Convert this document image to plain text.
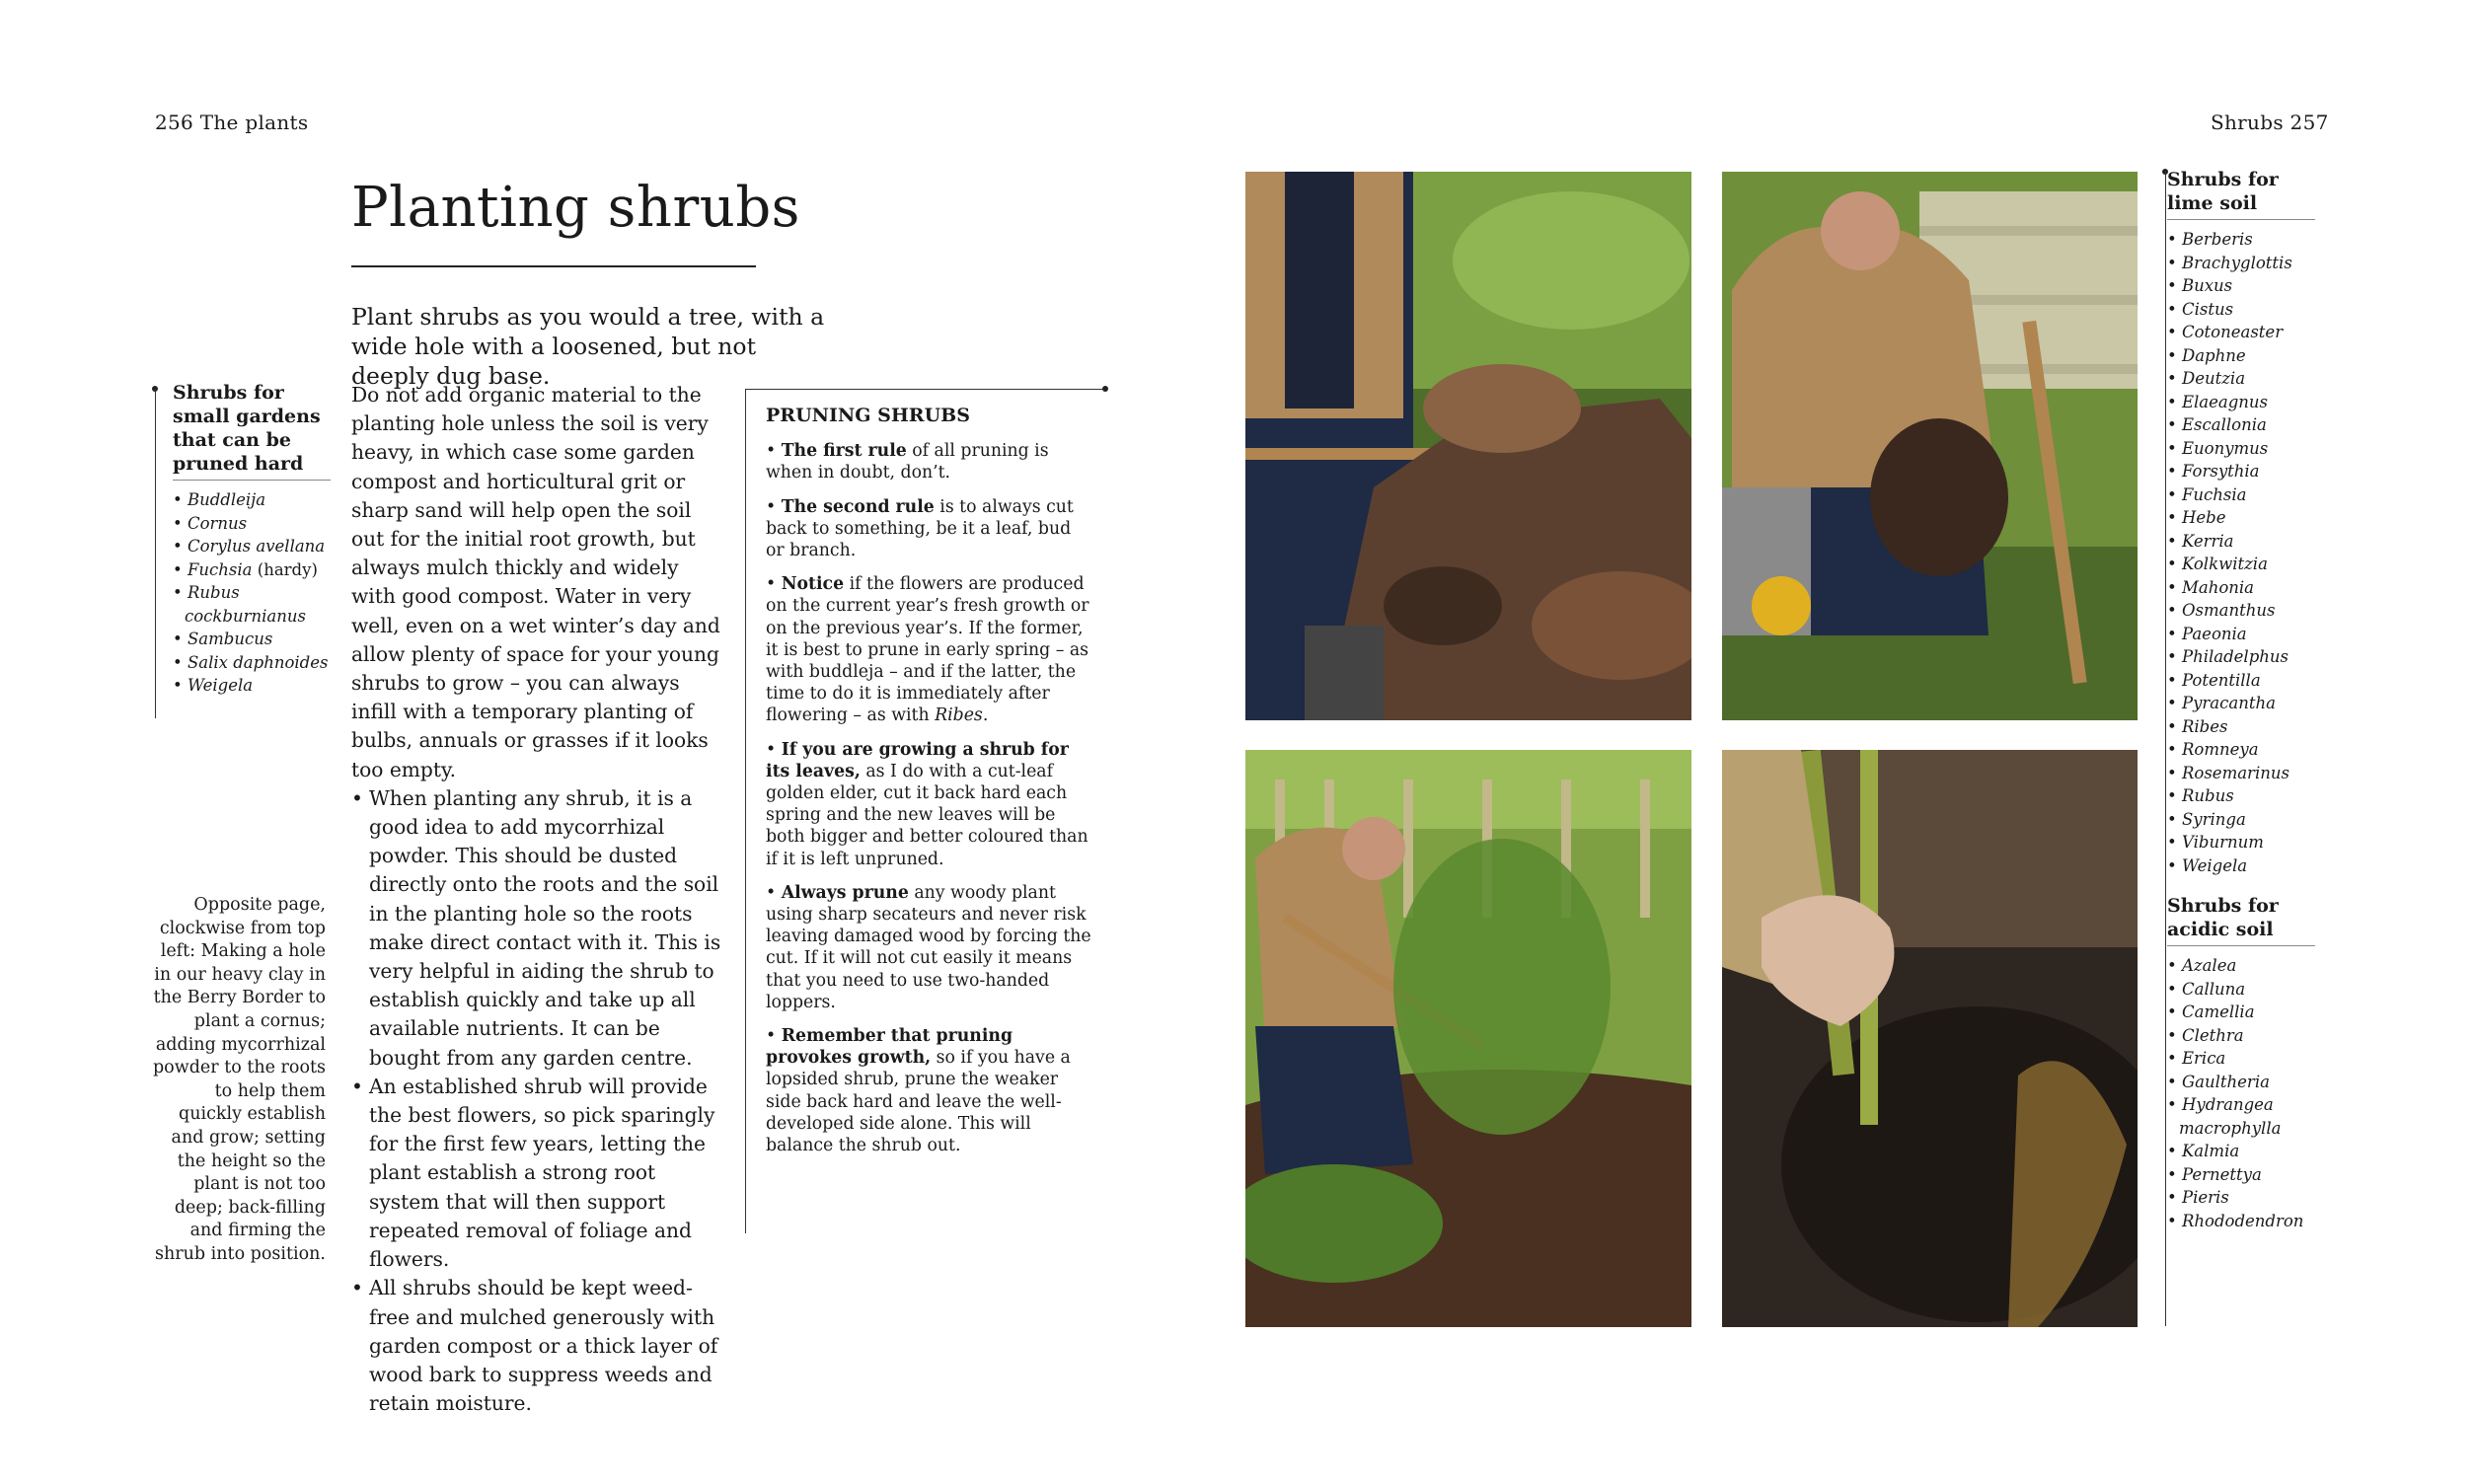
256 The plants	Shrubs 257
Planting shrubs
Plant shrubs as you would a tree, with a wide hole with a loosened, but not deeply dug base.
Shrubs for small gardens that can be pruned hard
• Buddleija
• Cornus
• Corylus avellana
• Fuchsia (hardy)
• Rubus cockburnianus
• Sambucus
• Salix daphnoides
• Weigela
Opposite page, clockwise from top left: Making a hole in our heavy clay in the Berry Border to plant a cornus; adding mycorrhizal powder to the roots to help them quickly establish and grow; setting the height so the plant is not too deep; back-filling and firming the shrub into position.

Do not add organic material to the planting hole unless the soil is very heavy, in which case some garden compost and horticultural grit or sharp sand will help open the soil out for the initial root growth, but always mulch thickly and widely with good compost. Water in very well, even on a wet winter’s day and allow plenty of space for your young shrubs to grow – you can always infill with a temporary planting of bulbs, annuals or grasses if it looks too empty.

• When planting any shrub, it is a good idea to add mycorrhizal powder. This should be dusted directly onto the roots and the soil in the planting hole so the roots make direct contact with it. This is very helpful in aiding the shrub to establish quickly and take up all available nutrients. It can be bought from any garden centre.
• An established shrub will provide the best flowers, so pick sparingly for the first few years, letting the plant establish a strong root system that will then support repeated removal of foliage and flowers.
• All shrubs should be kept weed-free and mulched generously with garden compost or a thick layer of wood bark to suppress weeds and retain moisture.
PRUNING SHRUBS

• The first rule of all pruning is when in doubt, don’t.

• The second rule is to always cut back to something, be it a leaf, bud or branch.

• Notice if the flowers are produced on the current year’s fresh growth or on the previous year’s. If the former, it is best to prune in early spring – as with buddleja – and if the latter, the time to do it is immediately after flowering – as with Ribes.

• If you are growing a shrub for its leaves, as I do with a cut-leaf golden elder, cut it back hard each spring and the new leaves will be both bigger and better coloured than if it is left unpruned.

• Always prune any woody plant using sharp secateurs and never risk leaving damaged wood by forcing the cut. If it will not cut easily it means that you need to use two-handed loppers.

• Remember that pruning provokes growth, so if you have a lopsided shrub, prune the weaker side back hard and leave the well-developed side alone. This will balance the shrub out.

Shrubs for lime soil
• Berberis
• Brachyglottis
• Buxus
• Cistus
• Cotoneaster
• Daphne
• Deutzia
• Elaeagnus
• Escallonia
• Euonymus
• Forsythia
• Fuchsia
• Hebe
• Kerria
• Kolkwitzia
• Mahonia
• Osmanthus
• Paeonia
• Philadelphus
• Potentilla
• Pyracantha
• Ribes
• Romneya
• Rosemarinus
• Rubus
• Syringa
• Viburnum
• Weigela
Shrubs for acidic soil
• Azalea
• Calluna
• Camellia
• Clethra
• Erica
• Gaultheria
• Hydrangea macrophylla
• Kalmia
• Pernettya
• Pieris
• Rhododendron
